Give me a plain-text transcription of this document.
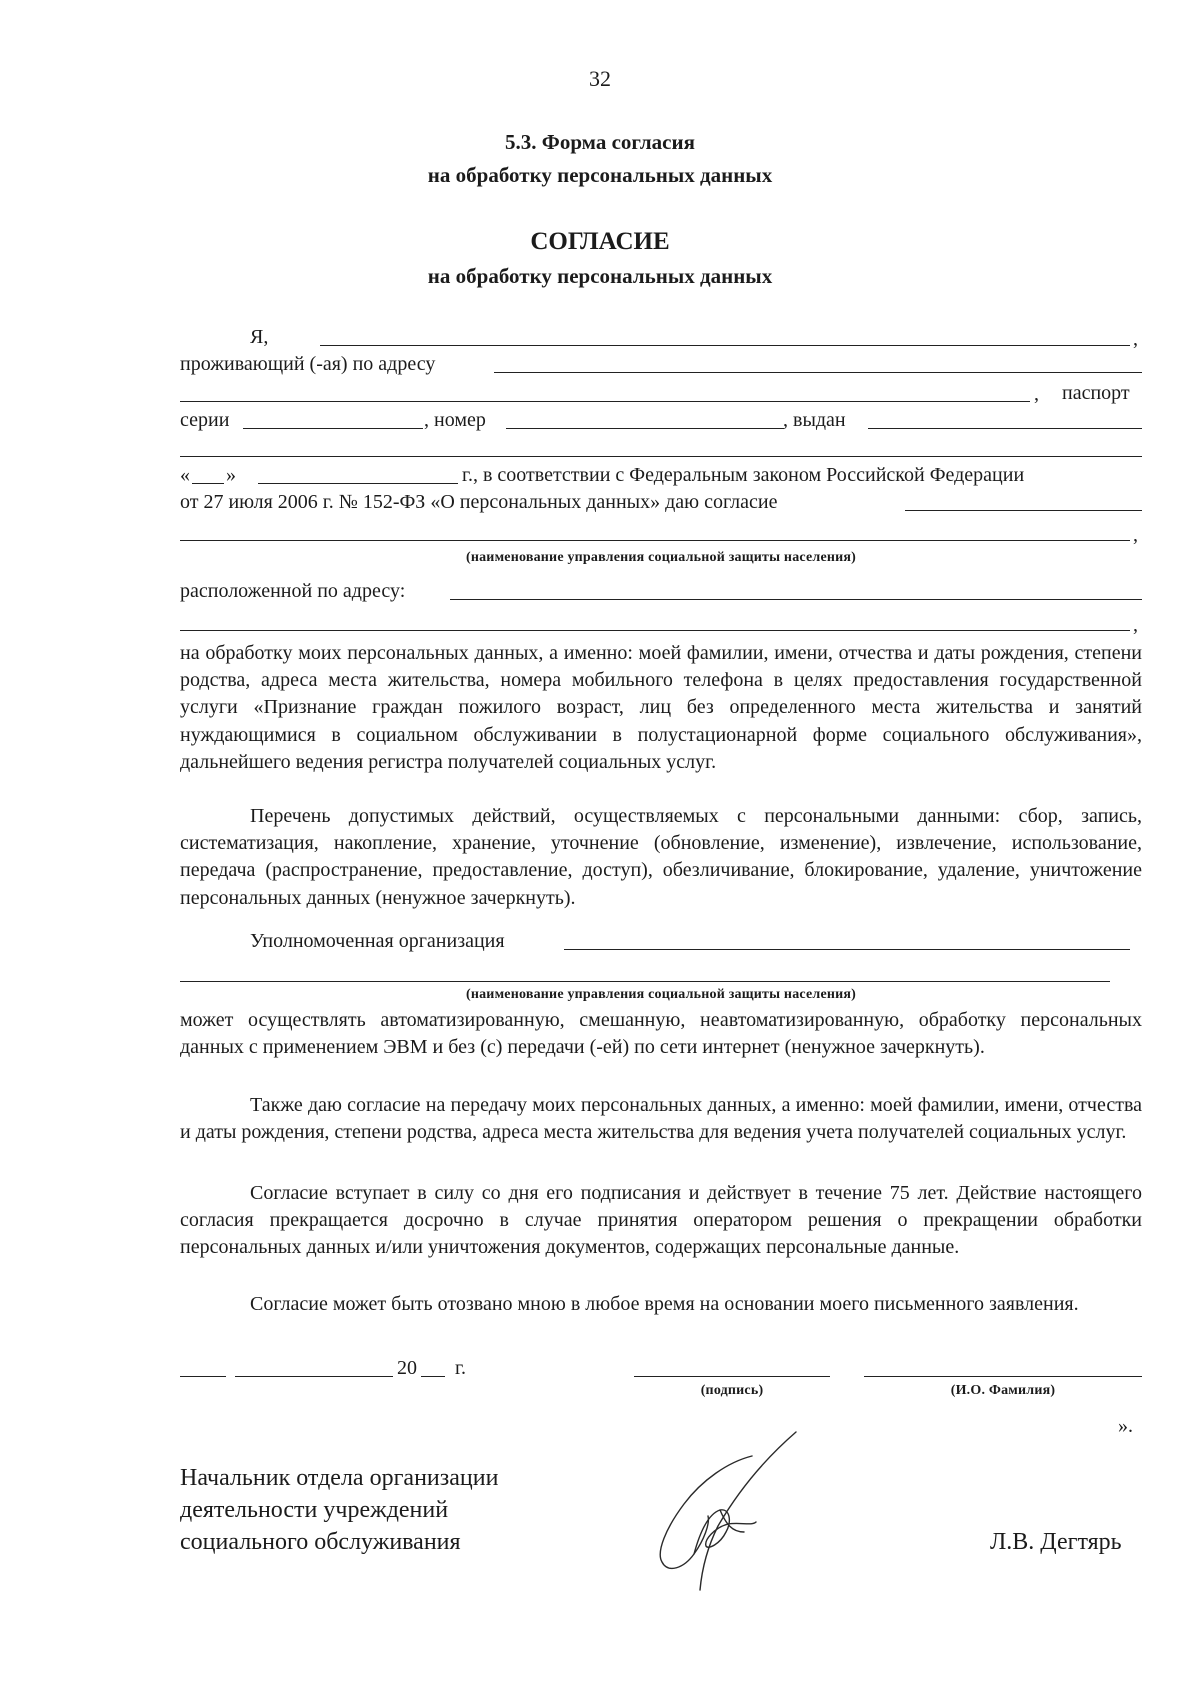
32
5.3. Форма согласия
на обработку персональных данных
СОГЛАСИЕ
на обработку персональных данных
Я,	,
проживающий (-ая) по адресу
, паспорт
серии	, номер	, выдан
« »	г., в соответствии с Федеральным законом Российской Федерации
от 27 июля 2006 г. № 152-ФЗ «О персональных данных» даю согласие
,
(наименование управления социальной защиты населения)
расположенной по адресу:
,

на обработку моих персональных данных, а именно: моей фамилии, имени, отчества и даты рождения, степени родства, адреса места жительства, номера мобильного телефона в целях предоставления государственной услуги «Признание граждан пожилого возраст, лиц без определенного места жительства и занятий нуждающимися в социальном обслуживании в полустационарной форме социального обслуживания», дальнейшего ведения регистра получателей социальных услуг.

Перечень допустимых действий, осуществляемых с персональными данными: сбор, запись, систематизация, накопление, хранение, уточнение (обновление, изменение), извлечение, использование, передача (распространение, предоставление, доступ), обезличивание, блокирование, удаление, уничтожение персональных данных (ненужное зачеркнуть).

Уполномоченная организация
(наименование управления социальной защиты населения)

может осуществлять автоматизированную, смешанную, неавтоматизированную, обработку персональных данных с применением ЭВМ и без (с) передачи (-ей) по сети интернет (ненужное зачеркнуть).

Также даю согласие на передачу моих персональных данных, а именно: моей фамилии, имени, отчества и даты рождения, степени родства, адреса места жительства для ведения учета получателей социальных услуг.

Согласие вступает в силу со дня его подписания и действует в течение 75 лет. Действие настоящего согласия прекращается досрочно в случае принятия оператором решения о прекращении обработки персональных данных и/или уничтожения документов, содержащих персональные данные.

Согласие может быть отозвано мною в любое время на основании моего письменного заявления.

20 г.
(подпись)	(И.О. Фамилия)
».
Начальник отдела организации
деятельности учреждений
социального обслуживания	Л.В. Дегтярь
